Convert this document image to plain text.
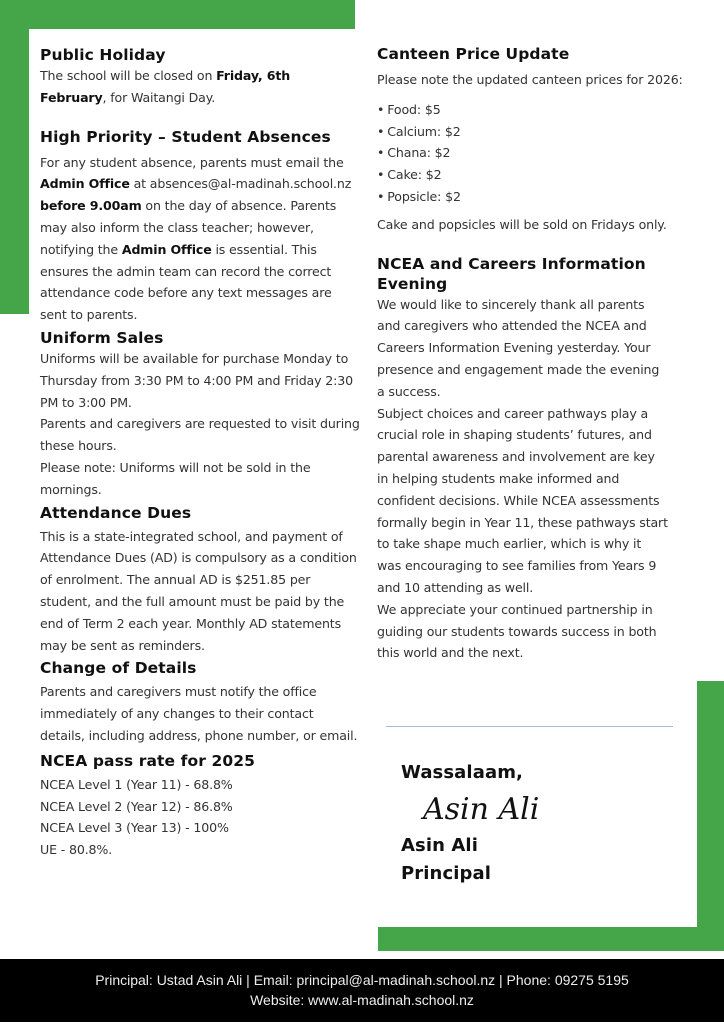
Public Holiday

The school will be closed on Friday, 6th February, for Waitangi Day.

High Priority – Student Absences

For any student absence, parents must email the Admin Office at absences@al-madinah.school.nz before 9.00am on the day of absence. Parents may also inform the class teacher; however, notifying the Admin Office is essential. This ensures the admin team can record the correct attendance code before any text messages are sent to parents.

Uniform Sales

Uniforms will be available for purchase Monday to Thursday from 3:30 PM to 4:00 PM and Friday 2:30 PM to 3:00 PM.

Parents and caregivers are requested to visit during these hours.

Please note: Uniforms will not be sold in the mornings.

Attendance Dues

This is a state-integrated school, and payment of Attendance Dues (AD) is compulsory as a condition of enrolment. The annual AD is $251.85 per student, and the full amount must be paid by the end of Term 2 each year. Monthly AD statements may be sent as reminders.

Change of Details

Parents and caregivers must notify the office immediately of any changes to their contact details, including address, phone number, or email.

NCEA pass rate for 2025

NCEA Level 1 (Year 11) - 68.8%

NCEA Level 2 (Year 12) - 86.8%

NCEA Level 3 (Year 13) - 100%

UE - 80.8%.

Canteen Price Update

Please note the updated canteen prices for 2026:

• Food: $5
• Calcium: $2
• Chana: $2
• Cake: $2
• Popsicle: $2

Cake and popsicles will be sold on Fridays only.

NCEA and Careers Information Evening

We would like to sincerely thank all parents and caregivers who attended the NCEA and Careers Information Evening yesterday. Your presence and engagement made the evening a success.

Subject choices and career pathways play a crucial role in shaping students’ futures, and parental awareness and involvement are key in helping students make informed and confident decisions. While NCEA assessments formally begin in Year 11, these pathways start to take shape much earlier, which is why it was encouraging to see families from Years 9 and 10 attending as well.

We appreciate your continued partnership in guiding our students towards success in both this world and the next.

Wassalaam,
Asin Ali
Asin Ali
Principal
Principal: Ustad Asin Ali | Email: principal@al-madinah.school.nz | Phone: 09275 5195
Website: www.al-madinah.school.nz
